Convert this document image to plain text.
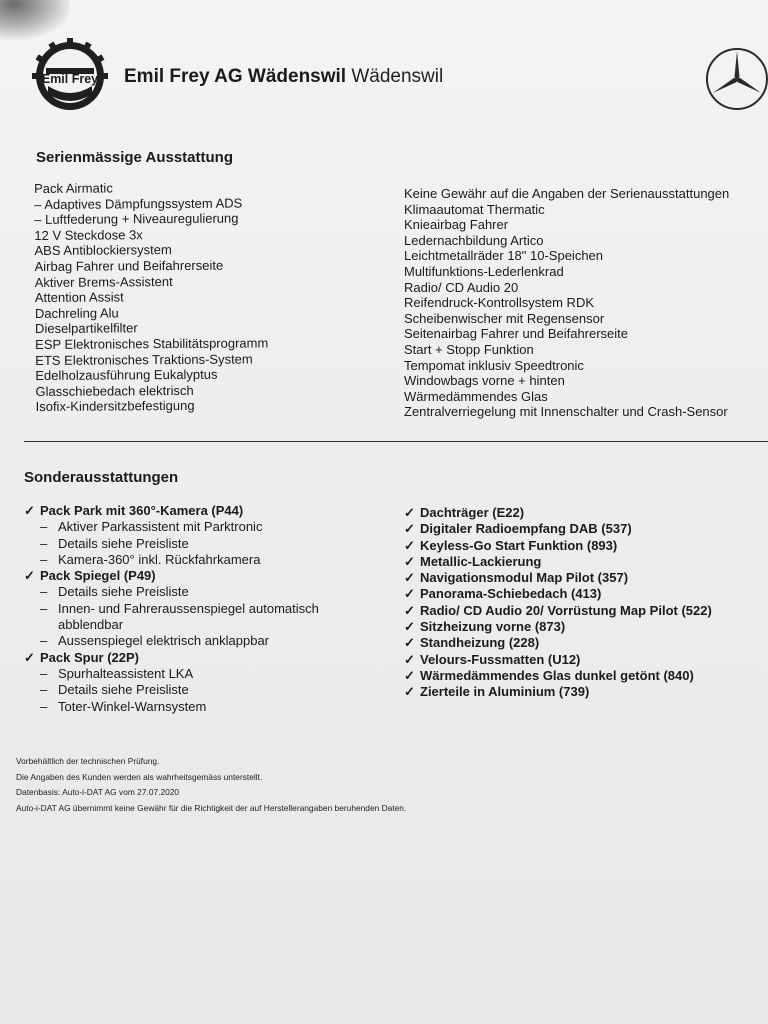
Emil Frey Emil Frey AG Wädenswil Wädenswil
Serienmässige Ausstattung
Pack Airmatic
– Adaptives Dämpfungssystem ADS
– Luftfederung + Niveauregulierung
12 V Steckdose 3x
ABS Antiblockiersystem
Airbag Fahrer und Beifahrerseite
Aktiver Brems-Assistent
Attention Assist
Dachreling Alu
Dieselpartikelfilter
ESP Elektronisches Stabilitätsprogramm
ETS Elektronisches Traktions-System
Edelholzausführung Eukalyptus
Glasschiebedach elektrisch
Isofix-Kindersitzbefestigung
Keine Gewähr auf die Angaben der Serienausstattungen
Klimaautomat Thermatic
Knieairbag Fahrer
Ledernachbildung Artico
Leichtmetallräder 18" 10-Speichen
Multifunktions-Lederlenkrad
Radio/ CD Audio 20
Reifendruck-Kontrollsystem RDK
Scheibenwischer mit Regensensor
Seitenairbag Fahrer und Beifahrerseite
Start + Stopp Funktion
Tempomat inklusiv Speedtronic
Windowbags vorne + hinten
Wärmedämmendes Glas
Zentralverriegelung mit Innenschalter und Crash-Sensor
Sonderausstattungen
✓ Pack Park mit 360°-Kamera (P44)
– Aktiver Parkassistent mit Parktronic
– Details siehe Preisliste
– Kamera-360° inkl. Rückfahrkamera
✓ Pack Spiegel (P49)
– Details siehe Preisliste
– Innen- und Fahreraussenspiegel automatisch
abblendbar
– Aussenspiegel elektrisch anklappbar
✓ Pack Spur (22P)
– Spurhalteassistent LKA
– Details siehe Preisliste
– Toter-Winkel-Warnsystem
✓ Dachträger (E22)
✓ Digitaler Radioempfang DAB (537)
✓ Keyless-Go Start Funktion (893)
✓ Metallic-Lackierung
✓ Navigationsmodul Map Pilot (357)
✓ Panorama-Schiebedach (413)
✓ Radio/ CD Audio 20/ Vorrüstung Map Pilot (522)
✓ Sitzheizung vorne (873)
✓ Standheizung (228)
✓ Velours-Fussmatten (U12)
✓ Wärmedämmendes Glas dunkel getönt (840)
✓ Zierteile in Aluminium (739)
Vorbehältlich der technischen Prüfung.
Die Angaben des Kunden werden als wahrheitsgemäss unterstellt.
Datenbasis: Auto-i-DAT AG vom 27.07.2020
Auto-i-DAT AG übernimmt keine Gewähr für die Richtigkeit der auf Herstellerangaben beruhenden Daten.
